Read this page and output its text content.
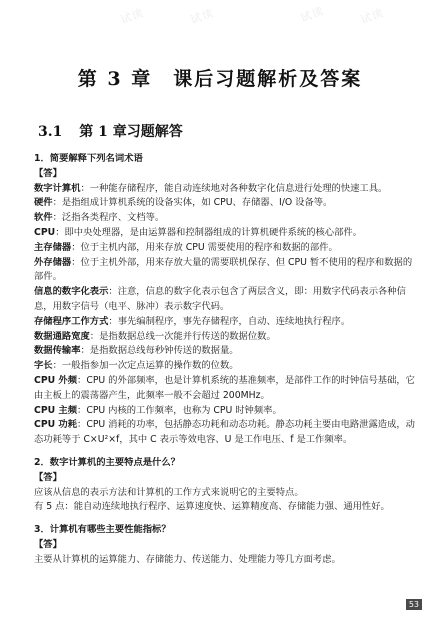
试读	试读	试读	试读
第 3 章　课后习题解析及答案
3.1 第 1 章习题解答

1．简要解释下列名词术语

【答】

数字计算机：一种能存储程序，能自动连续地对各种数字化信息进行处理的快速工具。

硬件：是指组成计算机系统的设备实体，如 CPU、存储器、I/O 设备等。

软件：泛指各类程序、文档等。

CPU：即中央处理器，是由运算器和控制器组成的计算机硬件系统的核心部件。

主存储器：位于主机内部，用来存放 CPU 需要使用的程序和数据的部件。

外存储器：位于主机外部，用来存放大量的需要联机保存、但 CPU 暂不使用的程序和数据的部件。

信息的数字化表示：注意，信息的数字化表示包含了两层含义，即：用数字代码表示各种信息，用数字信号（电平、脉冲）表示数字代码。

存储程序工作方式：事先编制程序，事先存储程序，自动、连续地执行程序。

数据通路宽度：是指数据总线一次能并行传送的数据位数。

数据传输率：是指数据总线每秒钟传送的数据量。

字长：一般指参加一次定点运算的操作数的位数。

CPU 外频：CPU 的外部频率，也是计算机系统的基准频率，是部件工作的时钟信号基础，它由主板上的震荡器产生，此频率一般不会超过 200MHz。

CPU 主频：CPU 内核的工作频率，也称为 CPU 时钟频率。

CPU 功耗：CPU 消耗的功率，包括静态功耗和动态功耗。静态功耗主要由电路泄露造成，动态功耗等于 C×U²×f，其中 C 表示等效电容、U 是工作电压、f 是工作频率。

2．数字计算机的主要特点是什么？

【答】

应该从信息的表示方法和计算机的工作方式来说明它的主要特点。

有 5 点：能自动连续地执行程序、运算速度快、运算精度高、存储能力强、通用性好。

3．计算机有哪些主要性能指标？

【答】

主要从计算机的运算能力、存储能力、传送能力、处理能力等几方面考虑。

53
